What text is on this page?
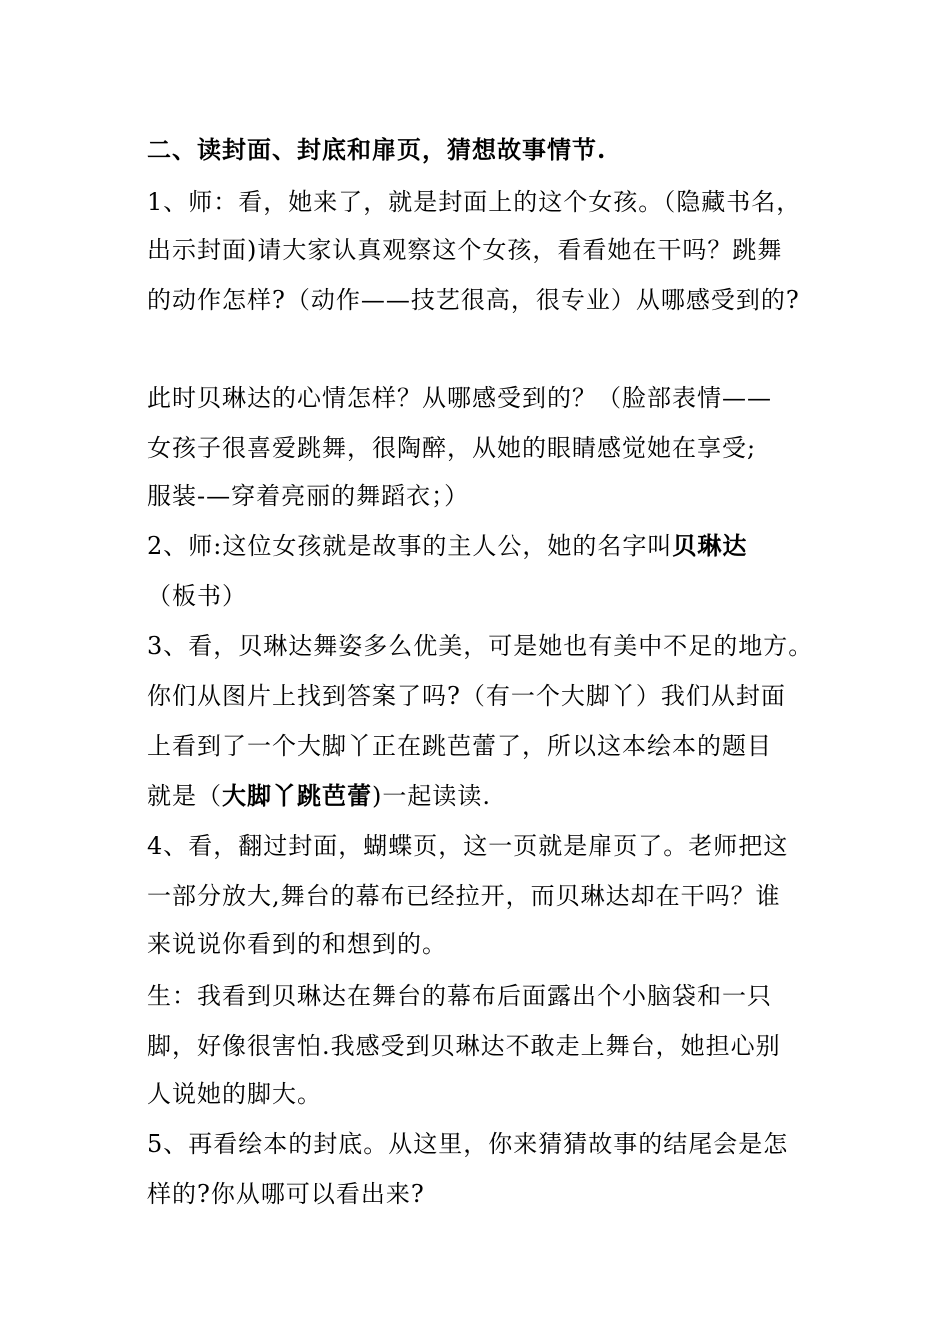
二、读封面、封底和扉页，猜想故事情节.
1、师：看，她来了，就是封面上的这个女孩。（隐藏书名，
出示封面)请大家认真观察这个女孩，看看她在干吗？跳舞
的动作怎样?（动作——技艺很高，很专业）从哪感受到的?
此时贝琳达的心情怎样？从哪感受到的？（脸部表情——
女孩子很喜爱跳舞，很陶醉，从她的眼睛感觉她在享受;
服装-—穿着亮丽的舞蹈衣；）
2、师:这位女孩就是故事的主人公，她的名字叫贝琳达
（板书）
3、看，贝琳达舞姿多么优美，可是她也有美中不足的地方。
你们从图片上找到答案了吗?（有一个大脚丫）我们从封面
上看到了一个大脚丫正在跳芭蕾了，所以这本绘本的题目
就是（大脚丫跳芭蕾)一起读读.
4、看，翻过封面，蝴蝶页，这一页就是扉页了。老师把这
一部分放大,舞台的幕布已经拉开，而贝琳达却在干吗？谁
来说说你看到的和想到的。
生：我看到贝琳达在舞台的幕布后面露出个小脑袋和一只
脚，好像很害怕.我感受到贝琳达不敢走上舞台，她担心别
人说她的脚大。
5、再看绘本的封底。从这里，你来猜猜故事的结尾会是怎
样的?你从哪可以看出来?
